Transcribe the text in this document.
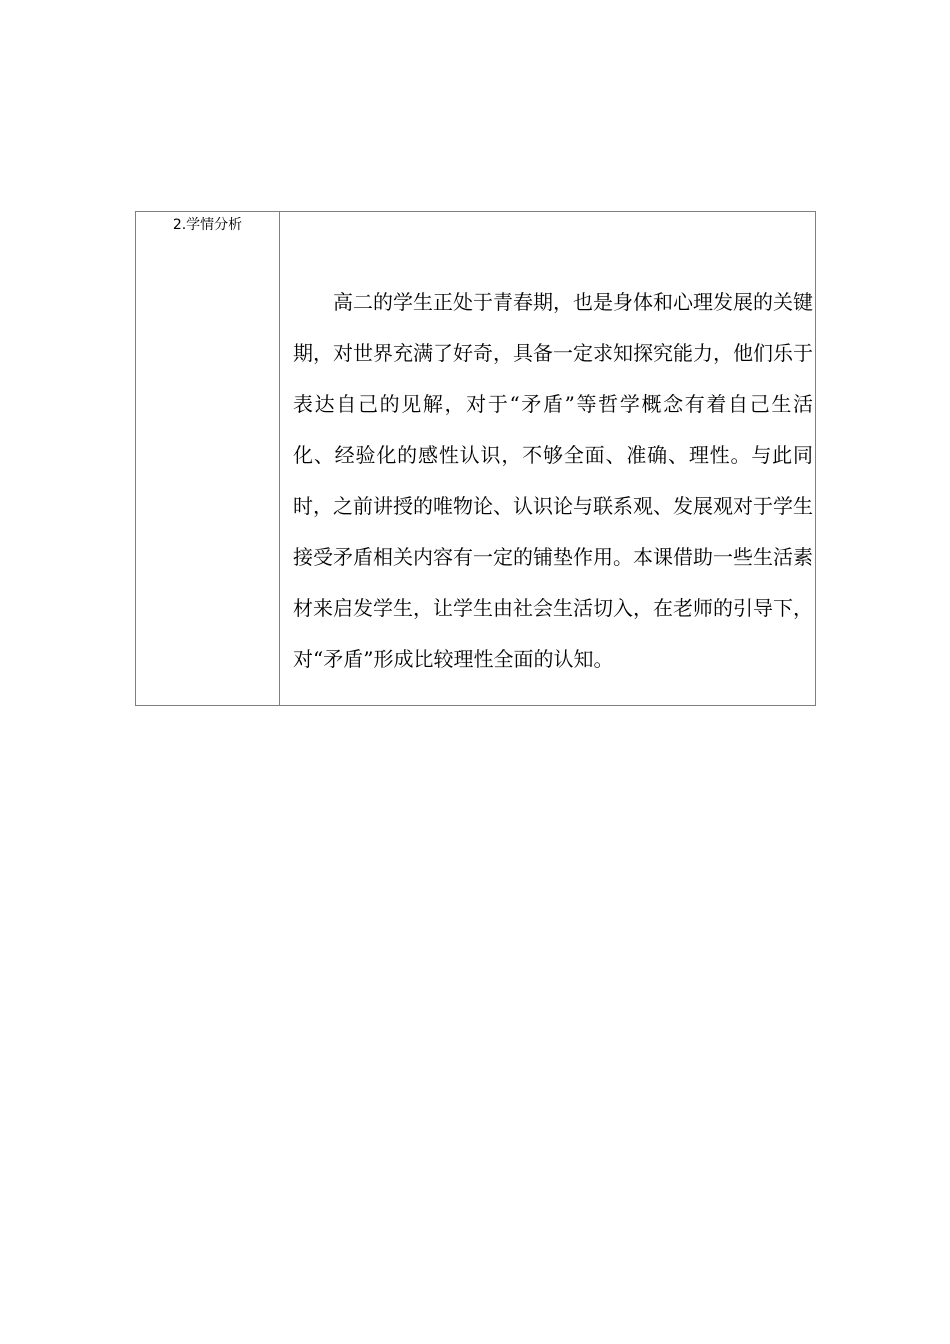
2.学情分析

高二的学生正处于青春期，也是身体和心理发展的关键期，对世界充满了好奇，具备一定求知探究能力，他们乐于表达自己的见解，对于“矛盾”等哲学概念有着自己生活化、经验化的感性认识，不够全面、准确、理性。与此同时，之前讲授的唯物论、认识论与联系观、发展观对于学生接受矛盾相关内容有一定的铺垫作用。本课借助一些生活素材来启发学生，让学生由社会生活切入，在老师的引导下，对“矛盾”形成比较理性全面的认知。
